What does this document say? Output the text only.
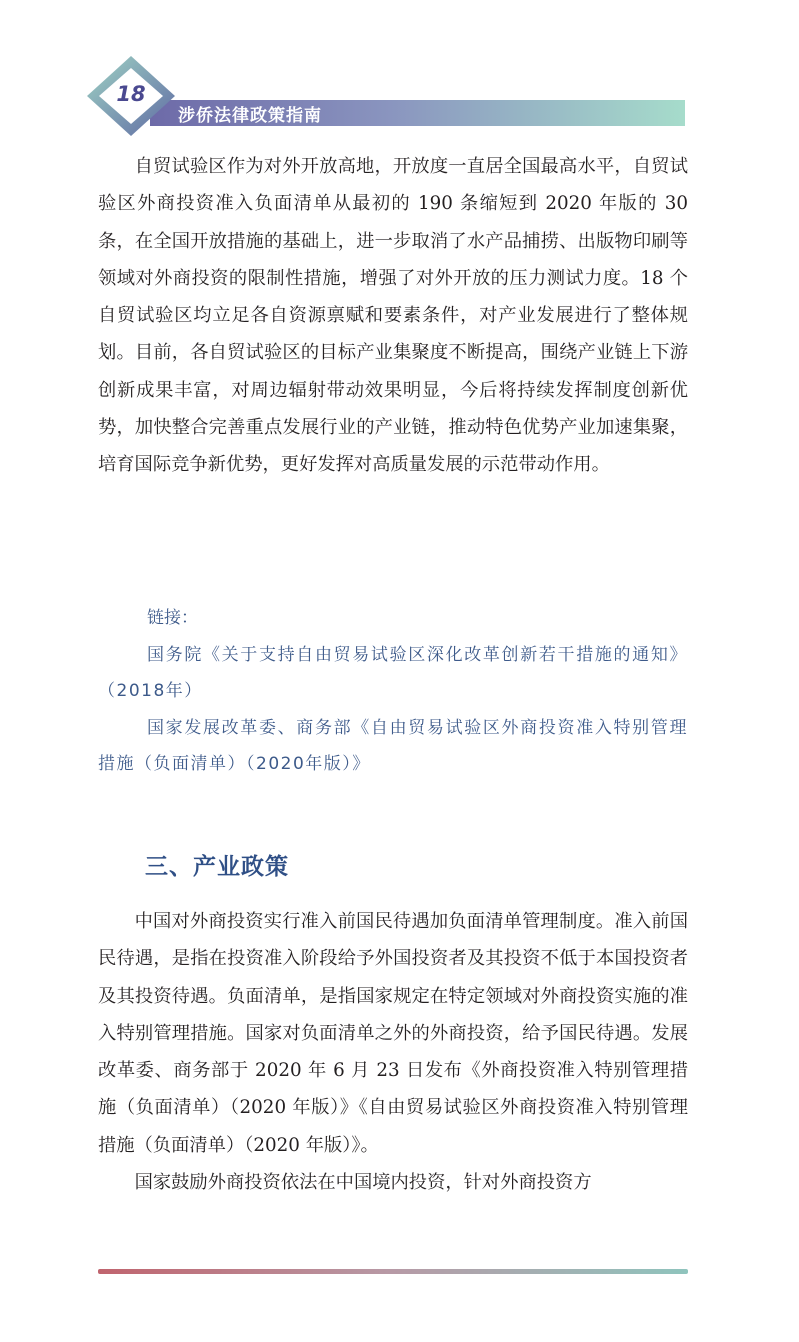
18
涉侨法律政策指南

自贸试验区作为对外开放高地，开放度一直居全国最高水平，自贸试验区外商投资准入负面清单从最初的 190 条缩短到 2020 年版的 30 条，在全国开放措施的基础上，进一步取消了水产品捕捞、出版物印刷等领域对外商投资的限制性措施，增强了对外开放的压力测试力度。18 个自贸试验区均立足各自资源禀赋和要素条件，对产业发展进行了整体规划。目前，各自贸试验区的目标产业集聚度不断提高，围绕产业链上下游创新成果丰富，对周边辐射带动效果明显，今后将持续发挥制度创新优势，加快整合完善重点发展行业的产业链，推动特色优势产业加速集聚，培育国际竞争新优势，更好发挥对高质量发展的示范带动作用。

链接：
国务院《关于支持自由贸易试验区深化改革创新若干措施的通知》（2018年）
国家发展改革委、商务部《自由贸易试验区外商投资准入特别管理措施（负面清单）（2020年版）》
三、产业政策

中国对外商投资实行准入前国民待遇加负面清单管理制度。准入前国民待遇，是指在投资准入阶段给予外国投资者及其投资不低于本国投资者及其投资待遇。负面清单，是指国家规定在特定领域对外商投资实施的准入特别管理措施。国家对负面清单之外的外商投资，给予国民待遇。发展改革委、商务部于 2020 年 6 月 23 日发布《外商投资准入特别管理措施（负面清单）（2020 年版）》《自由贸易试验区外商投资准入特别管理措施（负面清单）（2020 年版）》。

国家鼓励外商投资依法在中国境内投资，针对外商投资方
